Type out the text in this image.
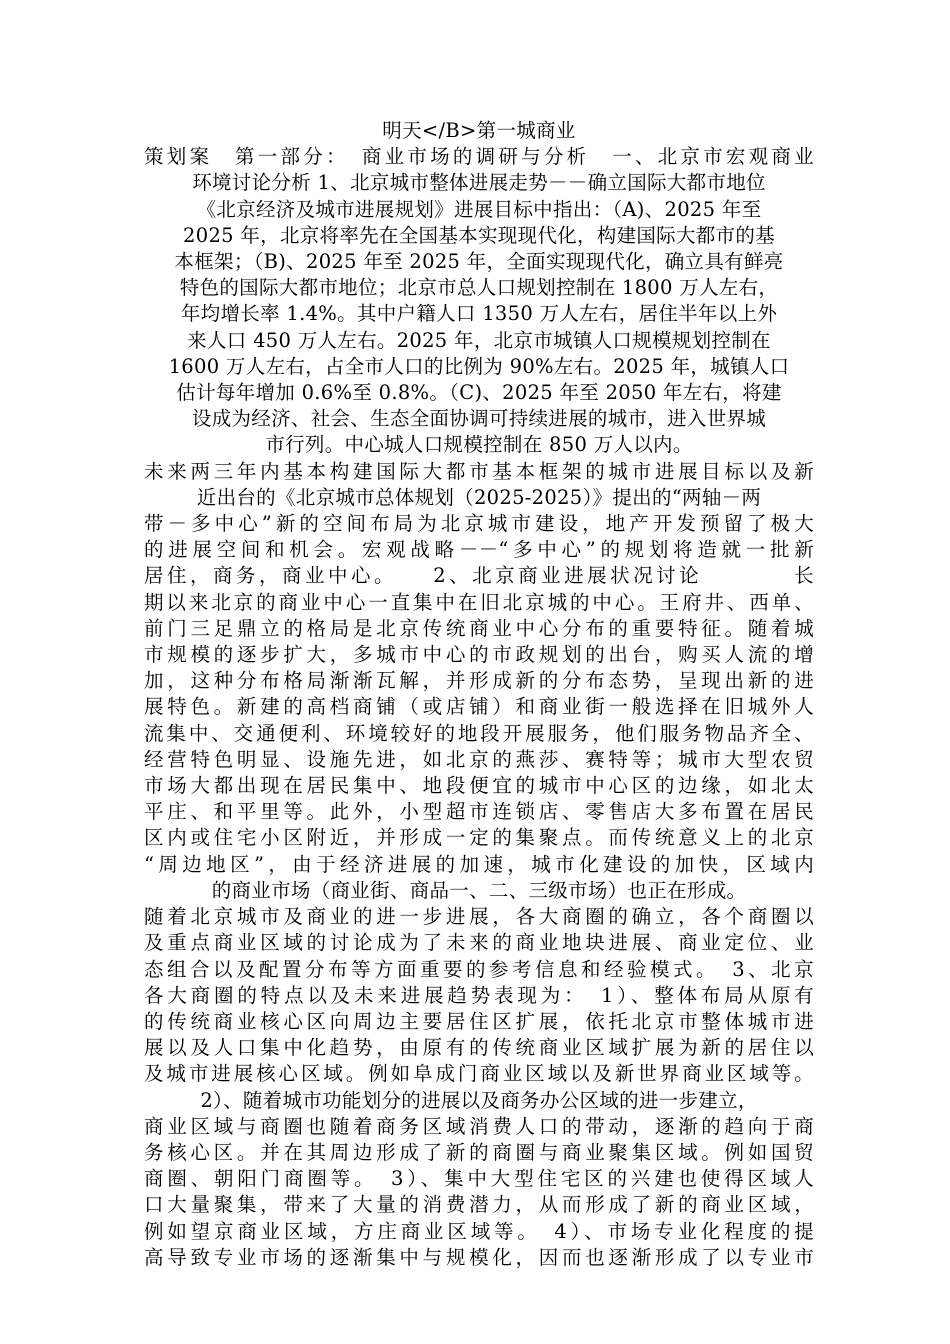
明天</B>第一城商业
策划案　第一部分：　商业市场的调研与分析　一、北京市宏观商业
环境讨论分析 1、北京城市整体进展走势－－确立国际大都市地位
《北京经济及城市进展规划》进展目标中指出：（A)、2025 年至
2025 年，北京将率先在全国基本实现现代化，构建国际大都市的基
本框架；（B)、2025 年至 2025 年，全面实现现代化，确立具有鲜亮
特色的国际大都市地位；北京市总人口规划控制在 1800 万人左右，
年均增长率 1.4%。其中户籍人口 1350 万人左右，居住半年以上外
来人口 450 万人左右。2025 年，北京市城镇人口规模规划控制在
1600 万人左右，占全市人口的比例为 90%左右。2025 年，城镇人口
估计每年增加 0.6%至 0.8%。（C)、2025 年至 2050 年左右，将建
设成为经济、社会、生态全面协调可持续进展的城市，进入世界城
市行列。中心城人口规模控制在 850 万人以内。
未来两三年内基本构建国际大都市基本框架的城市进展目标以及新
近出台的《北京城市总体规划（2025-2025）》提出的“两轴－两
带－多中心”新的空间布局为北京城市建设，地产开发预留了极大
的进展空间和机会。宏观战略－－“多中心”的规划将造就一批新
居住，商务，商业中心。　　2、北京商业进展状况讨论　　　　长
期以来北京的商业中心一直集中在旧北京城的中心。王府井、西单、
前门三足鼎立的格局是北京传统商业中心分布的重要特征。随着城
市规模的逐步扩大，多城市中心的市政规划的出台，购买人流的增
加，这种分布格局渐渐瓦解，并形成新的分布态势，呈现出新的进
展特色。新建的高档商铺（或店铺）和商业街一般选择在旧城外人
流集中、交通便利、环境较好的地段开展服务，他们服务物品齐全、
经营特色明显、设施先进，如北京的燕莎、赛特等；城市大型农贸
市场大都出现在居民集中、地段便宜的城市中心区的边缘，如北太
平庄、和平里等。此外，小型超市连锁店、零售店大多布置在居民
区内或住宅小区附近，并形成一定的集聚点。而传统意义上的北京
“周边地区”，由于经济进展的加速，城市化建设的加快，区域内
的商业市场（商业街、商品一、二、三级市场）也正在形成。
随着北京城市及商业的进一步进展，各大商圈的确立，各个商圈以
及重点商业区域的讨论成为了未来的商业地块进展、商业定位、业
态组合以及配置分布等方面重要的参考信息和经验模式。　3、北京
各大商圈的特点以及未来进展趋势表现为：　1）、整体布局从原有
的传统商业核心区向周边主要居住区扩展，依托北京市整体城市进
展以及人口集中化趋势，由原有的传统商业区域扩展为新的居住以
及城市进展核心区域。例如阜成门商业区域以及新世界商业区域等。
2）、随着城市功能划分的进展以及商务办公区域的进一步建立，
商业区域与商圈也随着商务区域消费人口的带动，逐渐的趋向于商
务核心区。并在其周边形成了新的商圈与商业聚集区域。例如国贸
商圈、朝阳门商圈等。　3）、集中大型住宅区的兴建也使得区域人
口大量聚集，带来了大量的消费潜力，从而形成了新的商业区域，
例如望京商业区域，方庄商业区域等。　4）、市场专业化程度的提
高导致专业市场的逐渐集中与规模化，因而也逐渐形成了以专业市
